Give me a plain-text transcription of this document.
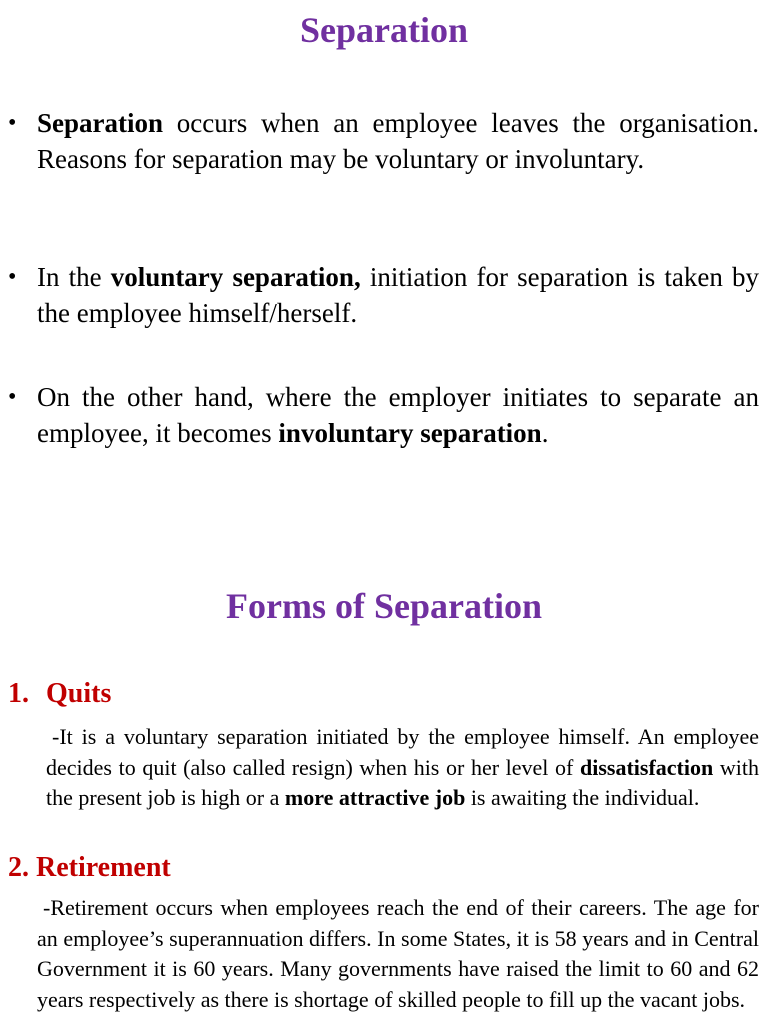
Separation
• Separation occurs when an employee leaves the organisation. Reasons for separation may be voluntary or involuntary.
• In the voluntary separation, initiation for separation is taken by the employee himself/herself.
• On the other hand, where the employer initiates to separate an employee, it becomes involuntary separation.
Forms of Separation
1. Quits

-It is a voluntary separation initiated by the employee himself. An employee decides to quit (also called resign) when his or her level of dissatisfaction with the present job is high or a more attractive job is awaiting the individual.

2. Retirement

-Retirement occurs when employees reach the end of their careers. The age for an employee’s superannuation differs. In some States, it is 58 years and in Central Government it is 60 years. Many governments have raised the limit to 60 and 62 years respectively as there is shortage of skilled people to fill up the vacant jobs.
